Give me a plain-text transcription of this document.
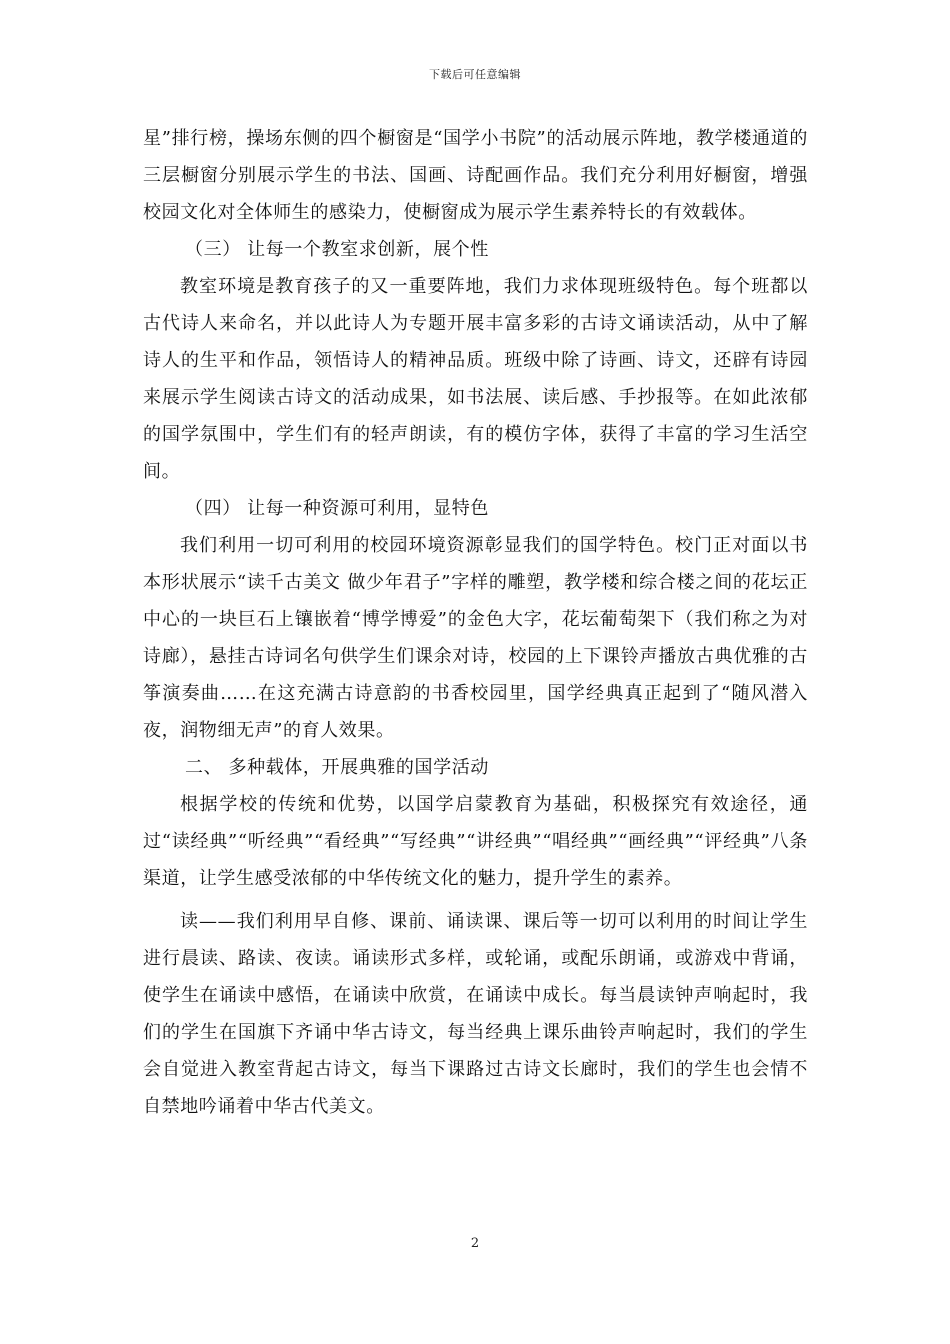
下载后可任意编辑

星”排行榜，操场东侧的四个橱窗是“国学小书院”的活动展示阵地，教学楼通道的三层橱窗分别展示学生的书法、国画、诗配画作品。我们充分利用好橱窗，增强校园文化对全体师生的感染力，使橱窗成为展示学生素养特长的有效载体。

（三） 让每一个教室求创新，展个性

教室环境是教育孩子的又一重要阵地，我们力求体现班级特色。每个班都以古代诗人来命名，并以此诗人为专题开展丰富多彩的古诗文诵读活动，从中了解诗人的生平和作品，领悟诗人的精神品质。班级中除了诗画、诗文，还辟有诗园来展示学生阅读古诗文的活动成果，如书法展、读后感、手抄报等。在如此浓郁的国学氛围中，学生们有的轻声朗读，有的模仿字体，获得了丰富的学习生活空间。

（四） 让每一种资源可利用，显特色

我们利用一切可利用的校园环境资源彰显我们的国学特色。校门正对面以书本形状展示“读千古美文 做少年君子”字样的雕塑，教学楼和综合楼之间的花坛正中心的一块巨石上镶嵌着“博学博爱”的金色大字，花坛葡萄架下（我们称之为对诗廊），悬挂古诗词名句供学生们课余对诗，校园的上下课铃声播放古典优雅的古筝演奏曲……在这充满古诗意韵的书香校园里，国学经典真正起到了“随风潜入夜，润物细无声”的育人效果。

二、 多种载体，开展典雅的国学活动

根据学校的传统和优势，以国学启蒙教育为基础，积极探究有效途径，通过“读经典”“听经典”“看经典”“写经典”“讲经典”“唱经典”“画经典”“评经典”八条渠道，让学生感受浓郁的中华传统文化的魅力，提升学生的素养。

读——我们利用早自修、课前、诵读课、课后等一切可以利用的时间让学生进行晨读、路读、夜读。诵读形式多样，或轮诵，或配乐朗诵，或游戏中背诵，使学生在诵读中感悟，在诵读中欣赏，在诵读中成长。每当晨读钟声响起时，我们的学生在国旗下齐诵中华古诗文，每当经典上课乐曲铃声响起时，我们的学生会自觉进入教室背起古诗文，每当下课路过古诗文长廊时，我们的学生也会情不自禁地吟诵着中华古代美文。

2
